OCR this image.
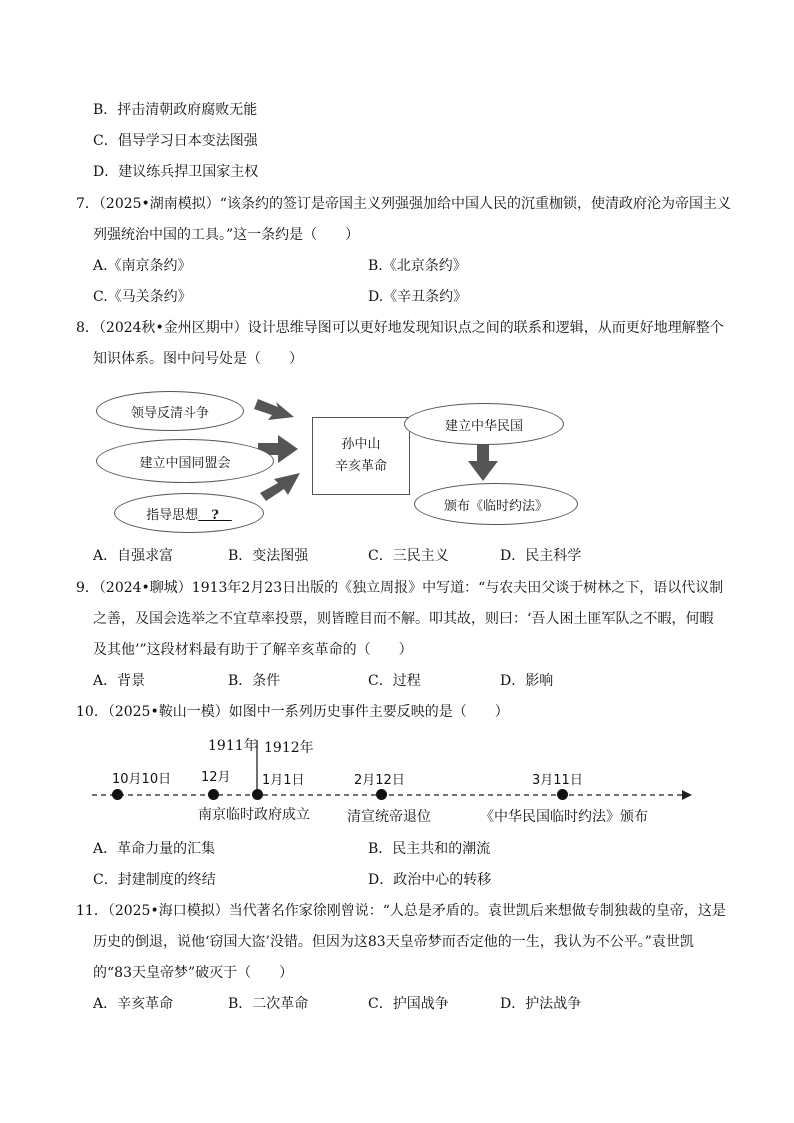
B．抨击清朝政府腐败无能
C．倡导学习日本变法图强
D．建议练兵捍卫国家主权
7．（2025•湖南模拟）“该条约的签订是帝国主义列强强加给中国人民的沉重枷锁，使清政府沦为帝国主义
列强统治中国的工具。”这一条约是（　　）
A.《南京条约》	B.《北京条约》
C.《马关条约》	D.《辛丑条约》
8．（2024秋•金州区期中）设计思维导图可以更好地发现知识点之间的联系和逻辑，从而更好地理解整个
知识体系。图中问号处是（　　）
领导反清斗争
建立中国同盟会
指导思想 　?　
孙中山
辛亥革命
建立中华民国
颁布《临时约法》
A．自强求富	B．变法图强	C．三民主义	D．民主科学
9．（2024•聊城）1913年2月23日出版的《独立周报》中写道：“与农夫田父谈于树林之下，语以代议制
之善，及国会选举之不宜草率投票，则皆瞠目而不解。叩其故，则曰：‘吾人困土匪军队之不暇，何暇
及其他’”这段材料最有助于了解辛亥革命的（　　）
A．背景	B．条件	C．过程	D．影响
10．（2025•鞍山一模）如图中一系列历史事件主要反映的是（　　）
1911年 1912年
10月10日 12月 1月1日	2月12日	3月11日
南京临时政府成立	清宣统帝退位	《中华民国临时约法》颁布
A．革命力量的汇集	B．民主共和的潮流
C．封建制度的终结	D．政治中心的转移
11．（2025•海口模拟）当代著名作家徐刚曾说：“人总是矛盾的。袁世凯后来想做专制独裁的皇帝，这是
历史的倒退，说他‘窃国大盗’没错。但因为这83天皇帝梦而否定他的一生，我认为不公平。”袁世凯
的“83天皇帝梦”破灭于（　　）
A．辛亥革命	B．二次革命	C．护国战争	D．护法战争
